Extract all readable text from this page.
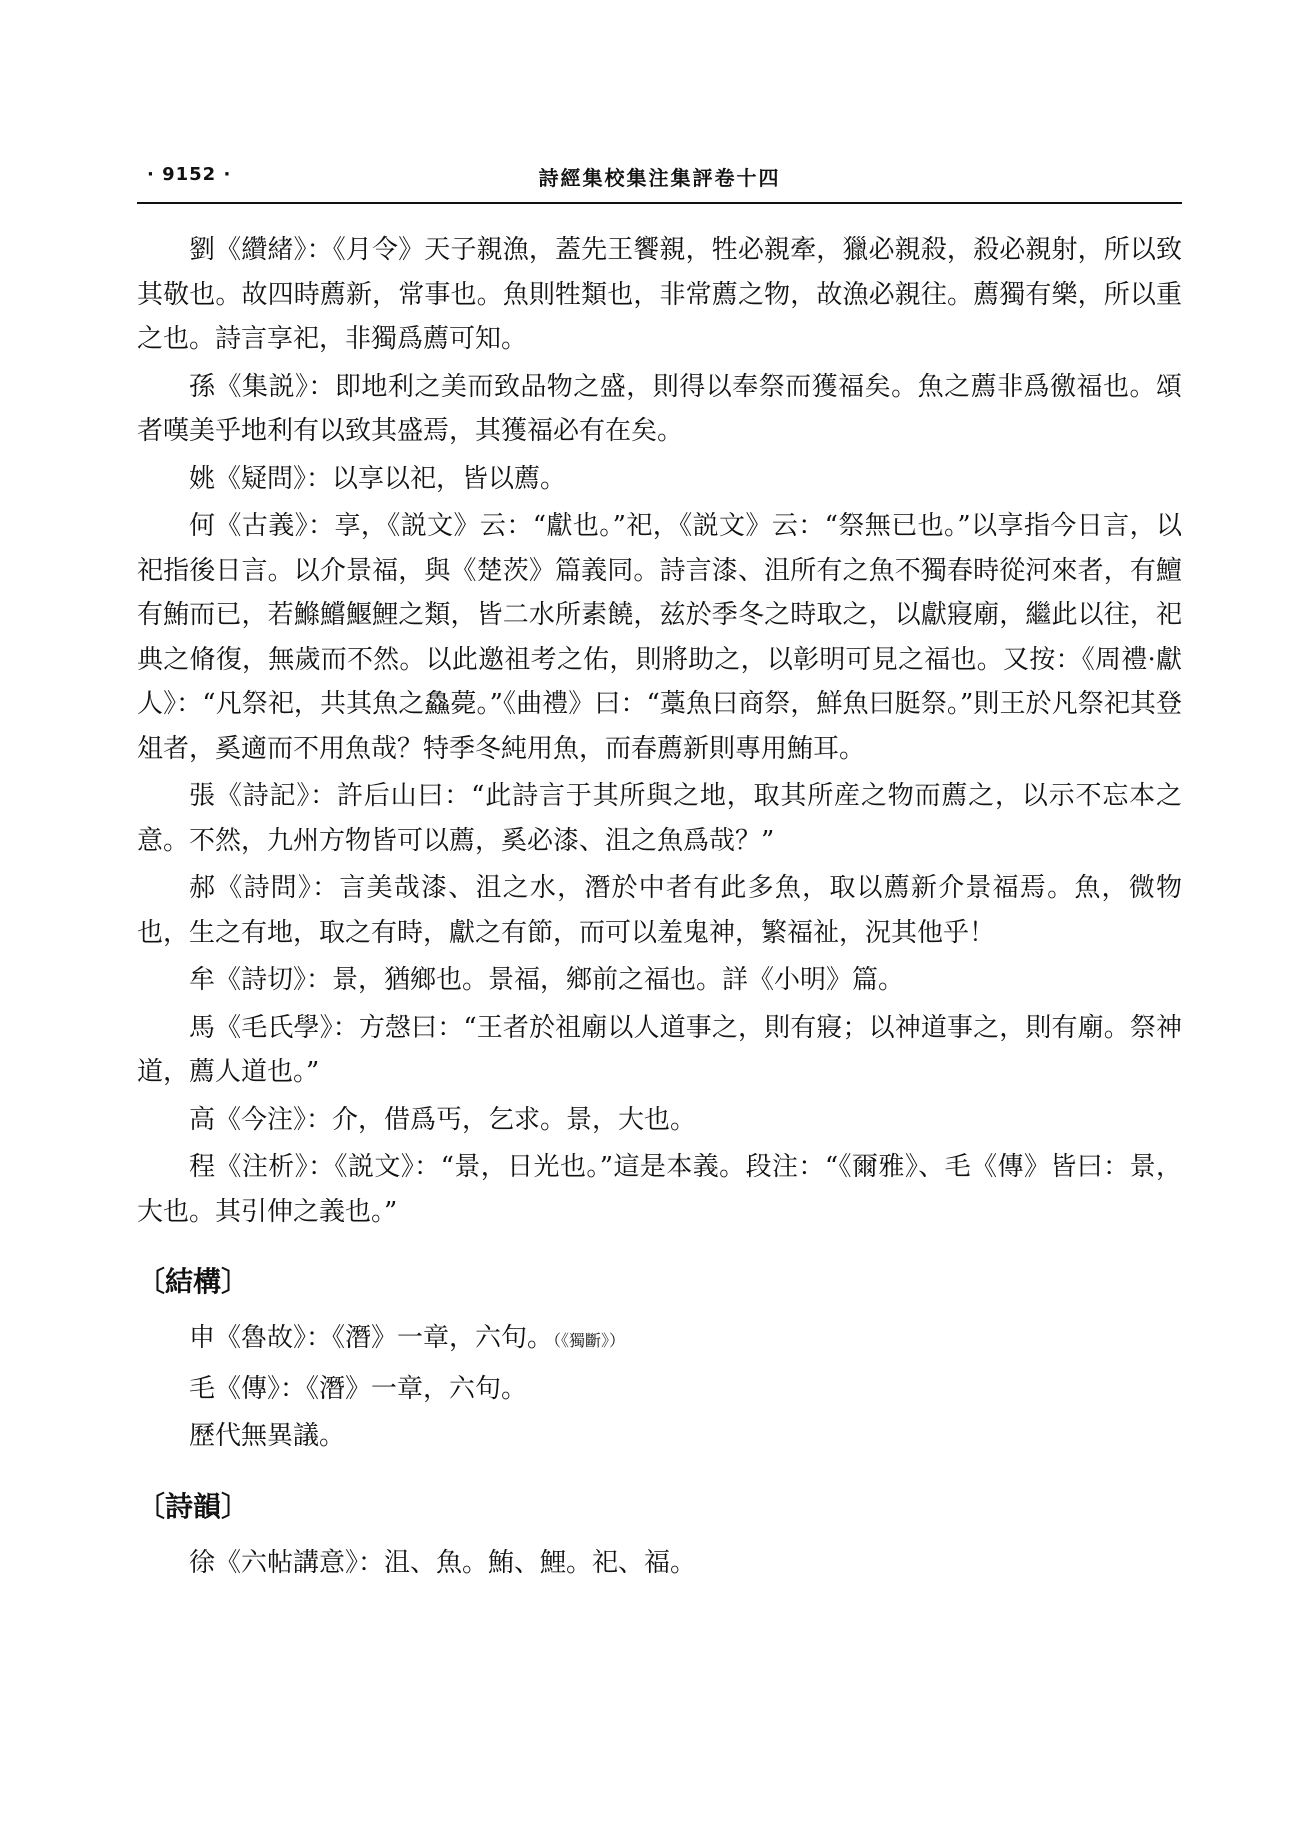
· 9152 ·	詩經集校集注集評卷十四

劉《纘緒》：《月令》天子親漁，蓋先王饗親，牲必親牽，獵必親殺，殺必親射，所以致其敬也。故四時薦新，常事也。魚則牲類也，非常薦之物，故漁必親往。薦獨有樂，所以重之也。詩言享祀，非獨爲薦可知。

孫《集説》：即地利之美而致品物之盛，則得以奉祭而獲福矣。魚之薦非爲徼福也。頌者嘆美乎地利有以致其盛焉，其獲福必有在矣。

姚《疑問》：以享以祀，皆以薦。

何《古義》：享，《説文》云：“獻也。”祀，《説文》云：“祭無已也。”以享指今日言，以祀指後日言。以介景福，與《楚茨》篇義同。詩言漆、沮所有之魚不獨春時從河來者，有鱣有鮪而已，若鰷鱨鰋鯉之類，皆二水所素饒，兹於季冬之時取之，以獻寢廟，繼此以往，祀典之脩復，無歲而不然。以此邀祖考之佑，則將助之，以彰明可見之福也。又按：《周禮·獻人》：“凡祭祀，共其魚之鱻薨。”《曲禮》曰：“藁魚曰商祭，鮮魚曰脡祭。”則王於凡祭祀其登俎者，奚適而不用魚哉？特季冬純用魚，而春薦新則專用鮪耳。

張《詩記》：許后山曰：“此詩言于其所與之地，取其所産之物而薦之，以示不忘本之意。不然，九州方物皆可以薦，奚必漆、沮之魚爲哉？”

郝《詩問》：言美哉漆、沮之水，潛於中者有此多魚，取以薦新介景福焉。魚，微物也，生之有地，取之有時，獻之有節，而可以羞鬼神，繁福祉，況其他乎！

牟《詩切》：景，猶鄉也。景福，鄉前之福也。詳《小明》篇。

馬《毛氏學》：方愨曰：“王者於祖廟以人道事之，則有寢；以神道事之，則有廟。祭神道，薦人道也。”

高《今注》：介，借爲丐，乞求。景，大也。

程《注析》：《説文》：“景，日光也。”這是本義。段注：“《爾雅》、毛《傳》皆曰：景，大也。其引伸之義也。”

〔結構〕

申《魯故》：《潛》一章，六句。（《獨斷》）

毛《傳》：《潛》一章，六句。

歷代無異議。

〔詩韻〕

徐《六帖講意》：沮、魚。鮪、鯉。祀、福。
